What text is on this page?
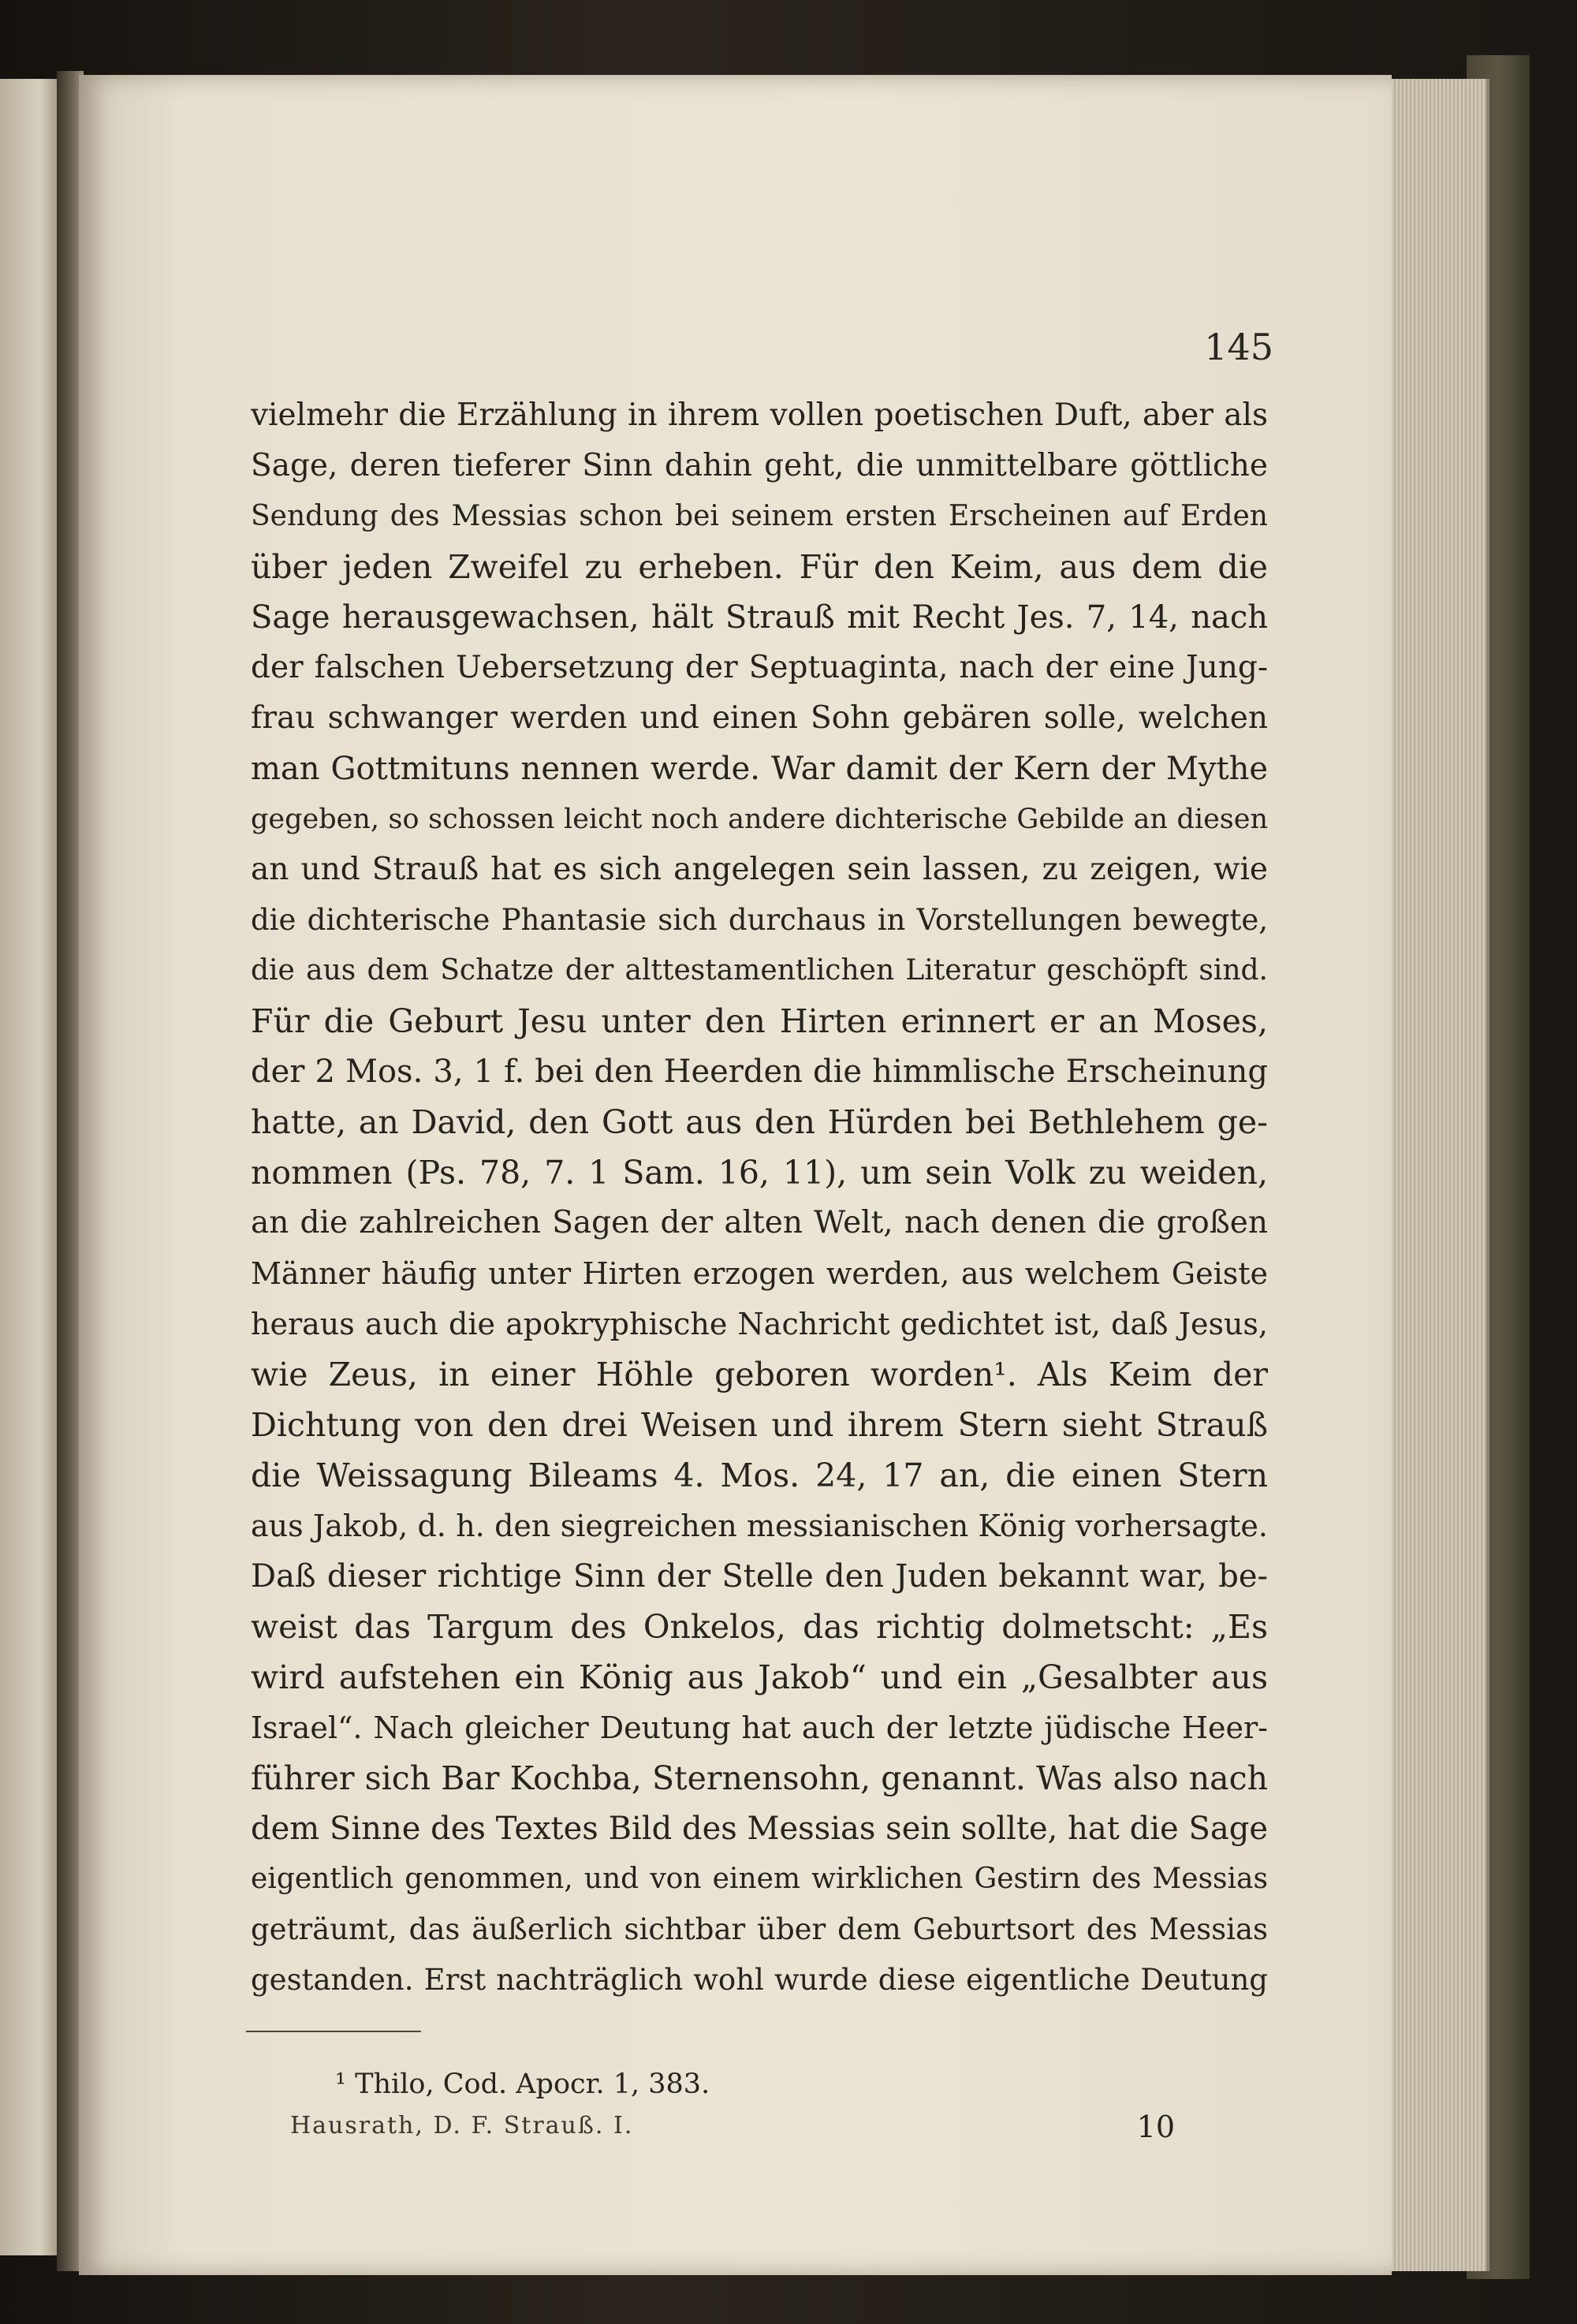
145
vielmehr die Erzählung in ihrem vollen poetischen Duft, aber als
Sage, deren tieferer Sinn dahin geht, die unmittelbare göttliche
Sendung des Messias schon bei seinem ersten Erscheinen auf Erden
über jeden Zweifel zu erheben. Für den Keim, aus dem die
Sage herausgewachsen, hält Strauß mit Recht Jes. 7, 14, nach
der falschen Uebersetzung der Septuaginta, nach der eine Jung-
frau schwanger werden und einen Sohn gebären solle, welchen
man Gottmituns nennen werde. War damit der Kern der Mythe
gegeben, so schossen leicht noch andere dichterische Gebilde an diesen
an und Strauß hat es sich angelegen sein lassen, zu zeigen, wie
die dichterische Phantasie sich durchaus in Vorstellungen bewegte,
die aus dem Schatze der alttestamentlichen Literatur geschöpft sind.
Für die Geburt Jesu unter den Hirten erinnert er an Moses,
der 2 Mos. 3, 1 f. bei den Heerden die himmlische Erscheinung
hatte, an David, den Gott aus den Hürden bei Bethlehem ge-
nommen (Ps. 78, 7. 1 Sam. 16, 11), um sein Volk zu weiden,
an die zahlreichen Sagen der alten Welt, nach denen die großen
Männer häufig unter Hirten erzogen werden, aus welchem Geiste
heraus auch die apokryphische Nachricht gedichtet ist, daß Jesus,
wie Zeus, in einer Höhle geboren worden¹. Als Keim der
Dichtung von den drei Weisen und ihrem Stern sieht Strauß
die Weissagung Bileams 4. Mos. 24, 17 an, die einen Stern
aus Jakob, d. h. den siegreichen messianischen König vorhersagte.
Daß dieser richtige Sinn der Stelle den Juden bekannt war, be-
weist das Targum des Onkelos, das richtig dolmetscht: „Es
wird aufstehen ein König aus Jakob“ und ein „Gesalbter aus
Israel“. Nach gleicher Deutung hat auch der letzte jüdische Heer-
führer sich Bar Kochba, Sternensohn, genannt. Was also nach
dem Sinne des Textes Bild des Messias sein sollte, hat die Sage
eigentlich genommen, und von einem wirklichen Gestirn des Messias
geträumt, das äußerlich sichtbar über dem Geburtsort des Messias
gestanden. Erst nachträglich wohl wurde diese eigentliche Deutung
¹ Thilo, Cod. Apocr. 1, 383.
Hausrath, D. F. Strauß. I.	10
